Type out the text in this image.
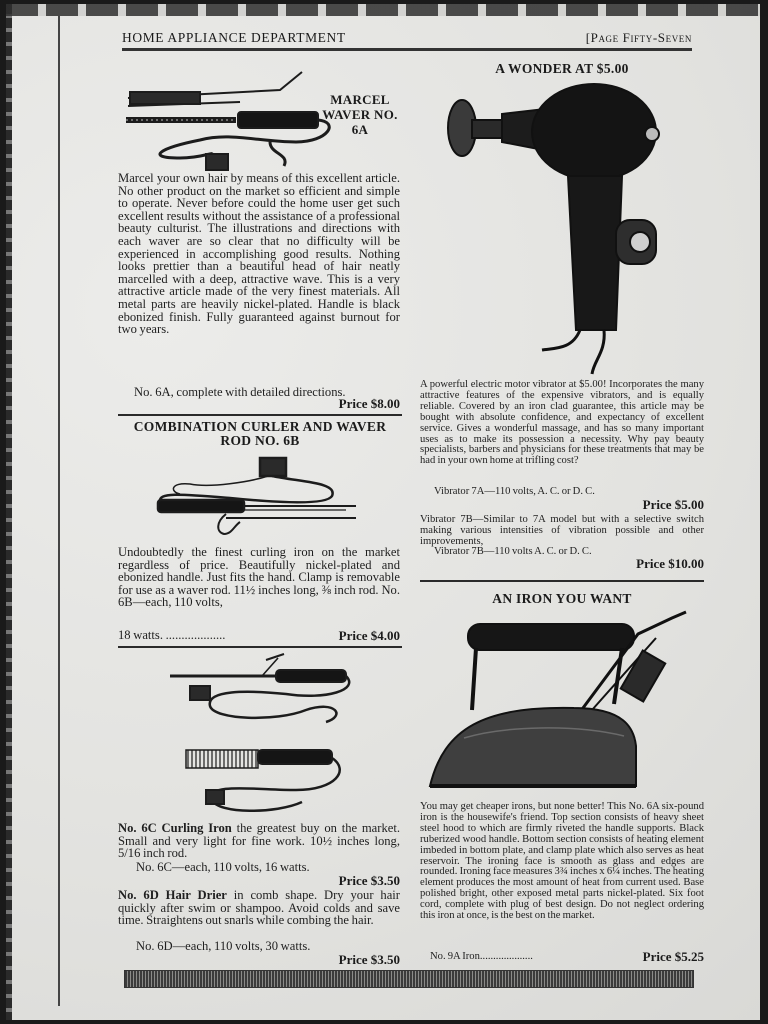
HOME APPLIANCE DEPARTMENT	[Page Fifty-Seven
MARCEL WAVER NO. 6A
Marcel your own hair by means of this excellent article. No other product on the market so efficient and simple to operate. Never before could the home user get such excellent results without the assistance of a professional beauty culturist. The illustrations and directions with each waver are so clear that no difficulty will be experienced in accomplishing good results. Nothing looks prettier than a beautiful head of hair neatly marcelled with a deep, attractive wave. This is a very attractive article made of the very finest materials. All metal parts are heavily nickel-plated. Handle is black ebonized finish. Fully guaranteed against burnout for two years.
No. 6A, complete with detailed directions.
Price $8.00
COMBINATION CURLER AND WAVER ROD NO. 6B
Undoubtedly the finest curling iron on the market regardless of price. Beautifully nickel-plated and ebonized handle. Just fits the hand. Clamp is removable for use as a waver rod. 11½ inches long, ⅜ inch rod. No. 6B—each, 110 volts,
18 watts. ...................	Price $4.00
No. 6C Curling Iron the greatest buy on the market. Small and very light for fine work. 10½ inches long, 5/16 inch rod.
No. 6C—each, 110 volts, 16 watts.
Price $3.50
No. 6D Hair Drier in comb shape. Dry your hair quickly after swim or shampoo. Avoid colds and save time. Straightens out snarls while combing the hair.
No. 6D—each, 110 volts, 30 watts.
Price $3.50
A WONDER AT $5.00
A powerful electric motor vibrator at $5.00! Incorporates the many attractive features of the expensive vibrators, and is equally reliable. Covered by an iron clad guarantee, this article may be bought with absolute confidence, and expectancy of excellent service. Gives a wonderful massage, and has so many important uses as to make its possession a necessity. Why pay beauty specialists, barbers and physicians for these treatments that may be had in your own home at trifling cost?
Vibrator 7A—110 volts, A. C. or D. C.
Price $5.00
Vibrator 7B—Similar to 7A model but with a selective switch making various intensities of vibration possible and other improvements,
Vibrator 7B—110 volts A. C. or D. C.
Price $10.00
AN IRON YOU WANT
You may get cheaper irons, but none better! This No. 6A six-pound iron is the housewife's friend. Top section consists of heavy sheet steel hood to which are firmly riveted the handle supports. Black ruberized wood handle. Bottom section consists of heating element imbeded in bottom plate, and clamp plate which also serves as heat reservoir. The ironing face is smooth as glass and edges are rounded. Ironing face measures 3¾ inches x 6¼ inches. The heating element produces the most amount of heat from current used. Base polished bright, other exposed metal parts nickel-plated. Six foot cord, complete with plug of best design. Do not neglect ordering this iron at once, is the best on the market.
No. 9A Iron....................	Price $5.25
